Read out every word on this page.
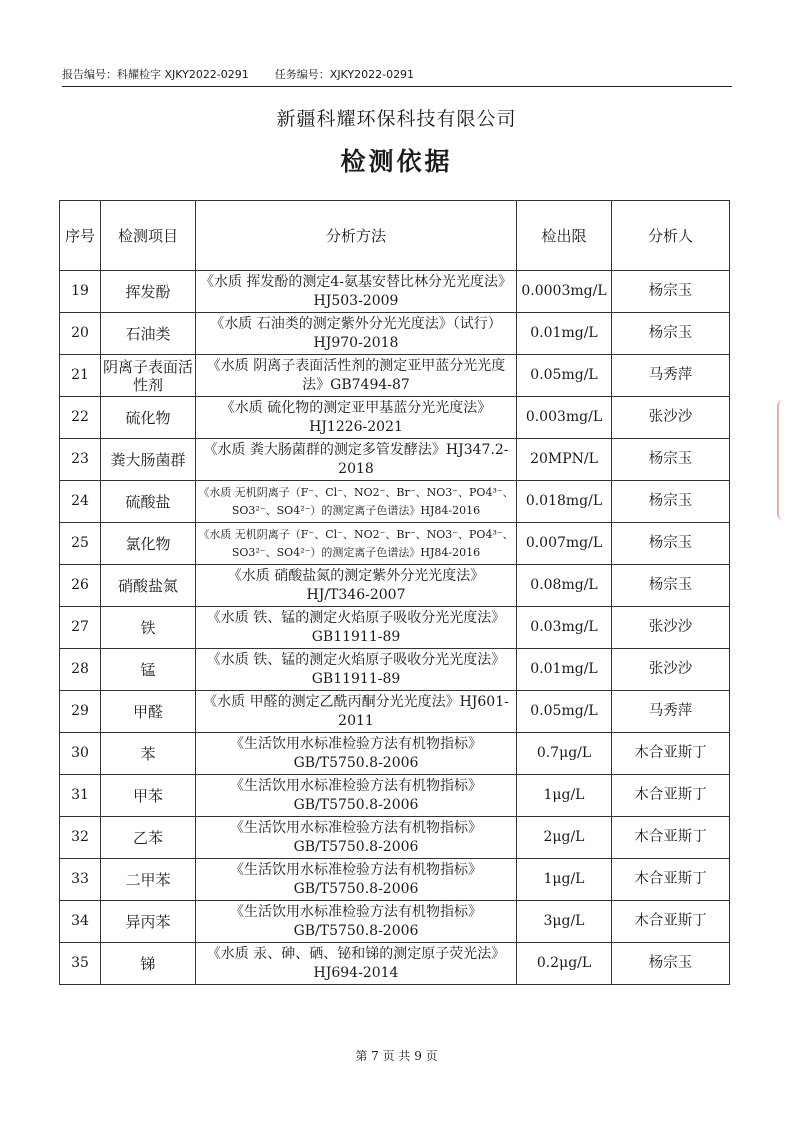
报告编号：科耀检字 XJKY2022-0291 任务编号：XJKY2022-0291
新疆科耀环保科技有限公司
检测依据
序号	检测项目	分析方法	检出限	分析人
19	挥发酚	《水质 挥发酚的测定4-氨基安替比林分光光度法》HJ503-2009	0.0003mg/L	杨宗玉
20	石油类	《水质 石油类的测定紫外分光光度法》（试行）HJ970-2018	0.01mg/L	杨宗玉
21	阴离子表面活性剂	《水质 阴离子表面活性剂的测定亚甲蓝分光光度法》GB7494-87	0.05mg/L	马秀萍
22	硫化物	《水质 硫化物的测定亚甲基蓝分光光度法》HJ1226-2021	0.003mg/L	张沙沙
23	粪大肠菌群	《水质 粪大肠菌群的测定多管发酵法》HJ347.2-2018	20MPN/L	杨宗玉
24	硫酸盐	《水质 无机阴离子（F⁻、Cl⁻、NO2⁻、Br⁻、NO3⁻、PO4³⁻、SO3²⁻、SO4²⁻）的测定离子色谱法》HJ84-2016	0.018mg/L	杨宗玉
25	氯化物	《水质 无机阴离子（F⁻、Cl⁻、NO2⁻、Br⁻、NO3⁻、PO4³⁻、SO3²⁻、SO4²⁻）的测定离子色谱法》HJ84-2016	0.007mg/L	杨宗玉
26	硝酸盐氮	《水质 硝酸盐氮的测定紫外分光光度法》HJ/T346-2007	0.08mg/L	杨宗玉
27	铁	《水质 铁、锰的测定火焰原子吸收分光光度法》GB11911-89	0.03mg/L	张沙沙
28	锰	《水质 铁、锰的测定火焰原子吸收分光光度法》GB11911-89	0.01mg/L	张沙沙
29	甲醛	《水质 甲醛的测定乙酰丙酮分光光度法》HJ601-2011	0.05mg/L	马秀萍
30	苯	《生活饮用水标准检验方法有机物指标》GB/T5750.8-2006	0.7μg/L	木合亚斯丁
31	甲苯	《生活饮用水标准检验方法有机物指标》GB/T5750.8-2006	1μg/L	木合亚斯丁
32	乙苯	《生活饮用水标准检验方法有机物指标》GB/T5750.8-2006	2μg/L	木合亚斯丁
33	二甲苯	《生活饮用水标准检验方法有机物指标》GB/T5750.8-2006	1μg/L	木合亚斯丁
34	异丙苯	《生活饮用水标准检验方法有机物指标》GB/T5750.8-2006	3μg/L	木合亚斯丁
35	锑	《水质 汞、砷、硒、铋和锑的测定原子荧光法》HJ694-2014	0.2μg/L	杨宗玉
第 7 页 共 9 页
